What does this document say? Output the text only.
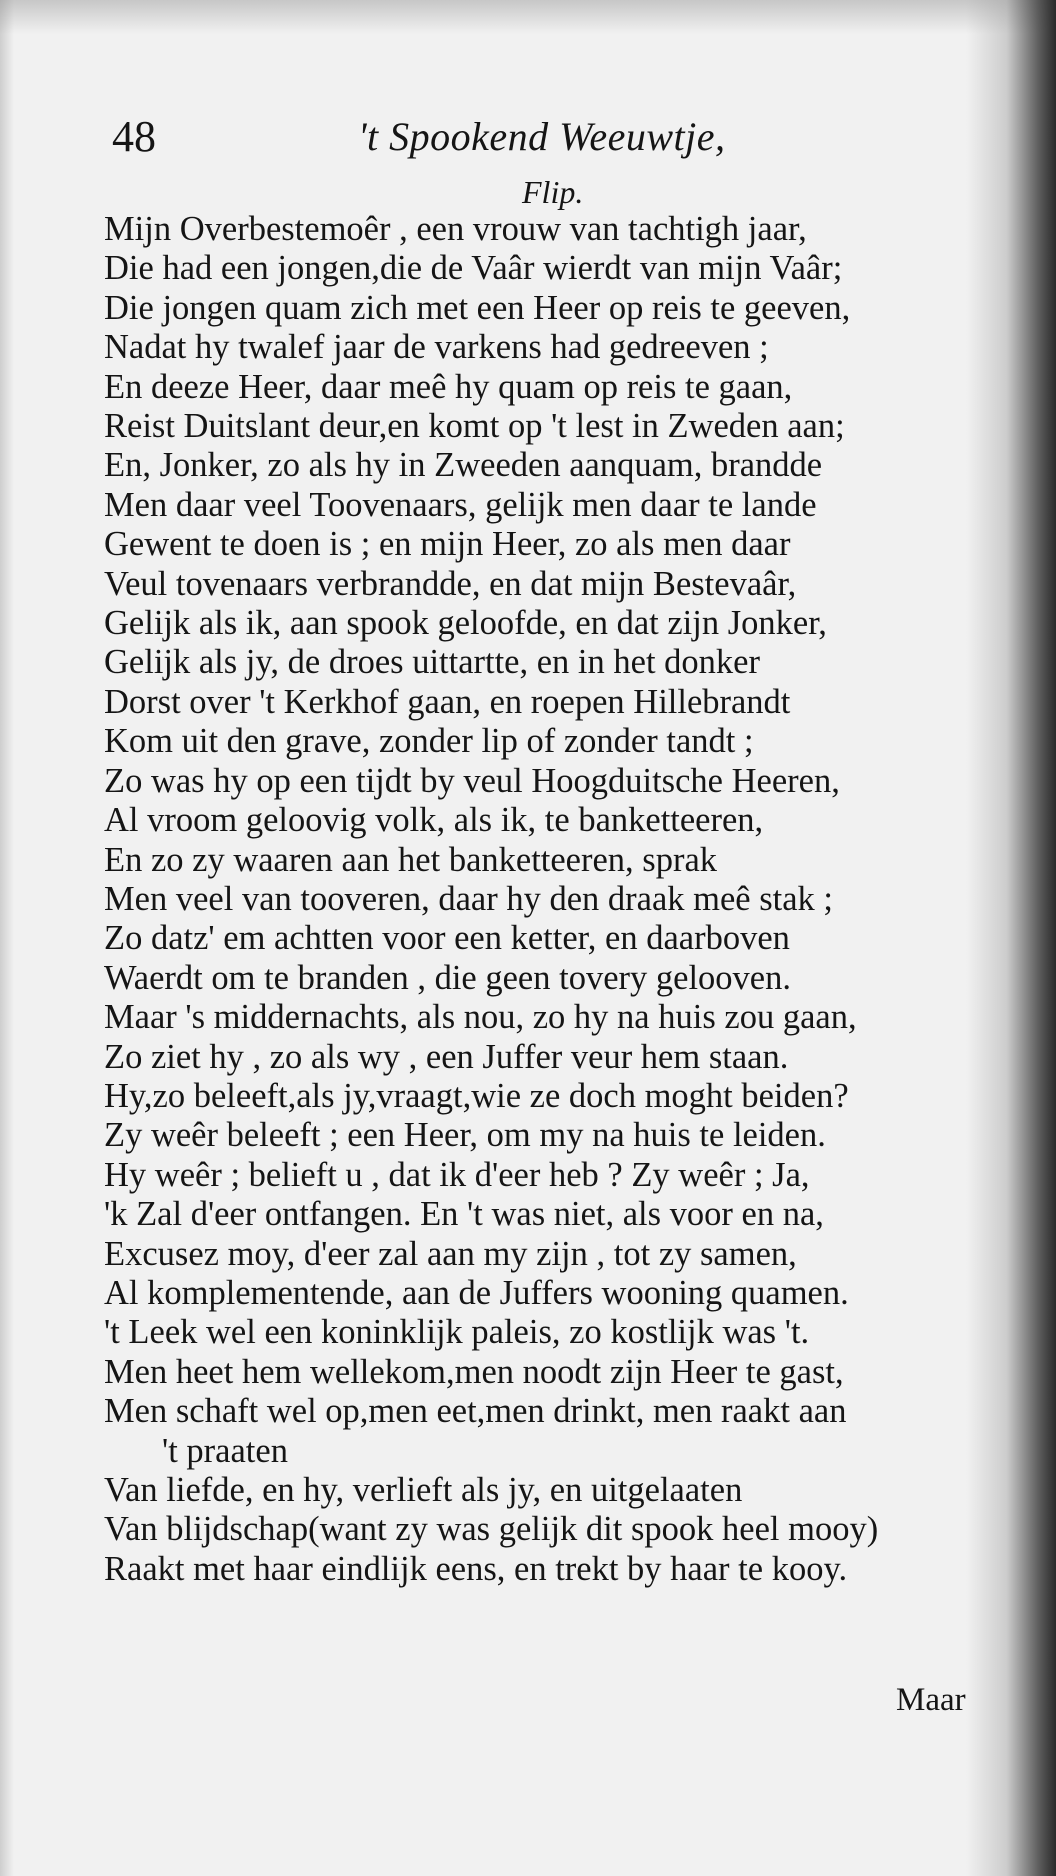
48	't Spookend Weeuwtje,
Flip.
Mijn Overbestemoêr , een vrouw van tachtigh jaar,
Die had een jongen,die de Vaâr wierdt van mijn Vaâr;
Die jongen quam zich met een Heer op reis te geeven,
Nadat hy twalef jaar de varkens had gedreeven ;
En deeze Heer, daar meê hy quam op reis te gaan,
Reist Duitslant deur,en komt op 't lest in Zweden aan;
En, Jonker, zo als hy in Zweeden aanquam, brandde
Men daar veel Toovenaars, gelijk men daar te lande
Gewent te doen is ; en mijn Heer, zo als men daar
Veul tovenaars verbrandde, en dat mijn Bestevaâr,
Gelijk als ik, aan spook geloofde, en dat zijn Jonker,
Gelijk als jy, de droes uittartte, en in het donker
Dorst over 't Kerkhof gaan, en roepen Hillebrandt
Kom uit den grave, zonder lip of zonder tandt ;
Zo was hy op een tijdt by veul Hoogduitsche Heeren,
Al vroom geloovig volk, als ik, te banketteeren,
En zo zy waaren aan het banketteeren, sprak
Men veel van tooveren, daar hy den draak meê stak ;
Zo datz' em achtten voor een ketter, en daarboven
Waerdt om te branden , die geen tovery gelooven.
Maar 's middernachts, als nou, zo hy na huis zou gaan,
Zo ziet hy , zo als wy , een Juffer veur hem staan.
Hy,zo beleeft,als jy,vraagt,wie ze doch moght beiden?
Zy weêr beleeft ; een Heer, om my na huis te leiden.
Hy weêr ; belieft u , dat ik d'eer heb ? Zy weêr ; Ja,
'k Zal d'eer ontfangen. En 't was niet, als voor en na,
Excusez moy, d'eer zal aan my zijn , tot zy samen,
Al komplementende, aan de Juffers wooning quamen.
't Leek wel een koninklijk paleis, zo kostlijk was 't.
Men heet hem wellekom,men noodt zijn Heer te gast,
Men schaft wel op,men eet,men drinkt, men raakt aan
't praaten
Van liefde, en hy, verlieft als jy, en uitgelaaten
Van blijdschap(want zy was gelijk dit spook heel mooy)
Raakt met haar eindlijk eens, en trekt by haar te kooy.
Maar
